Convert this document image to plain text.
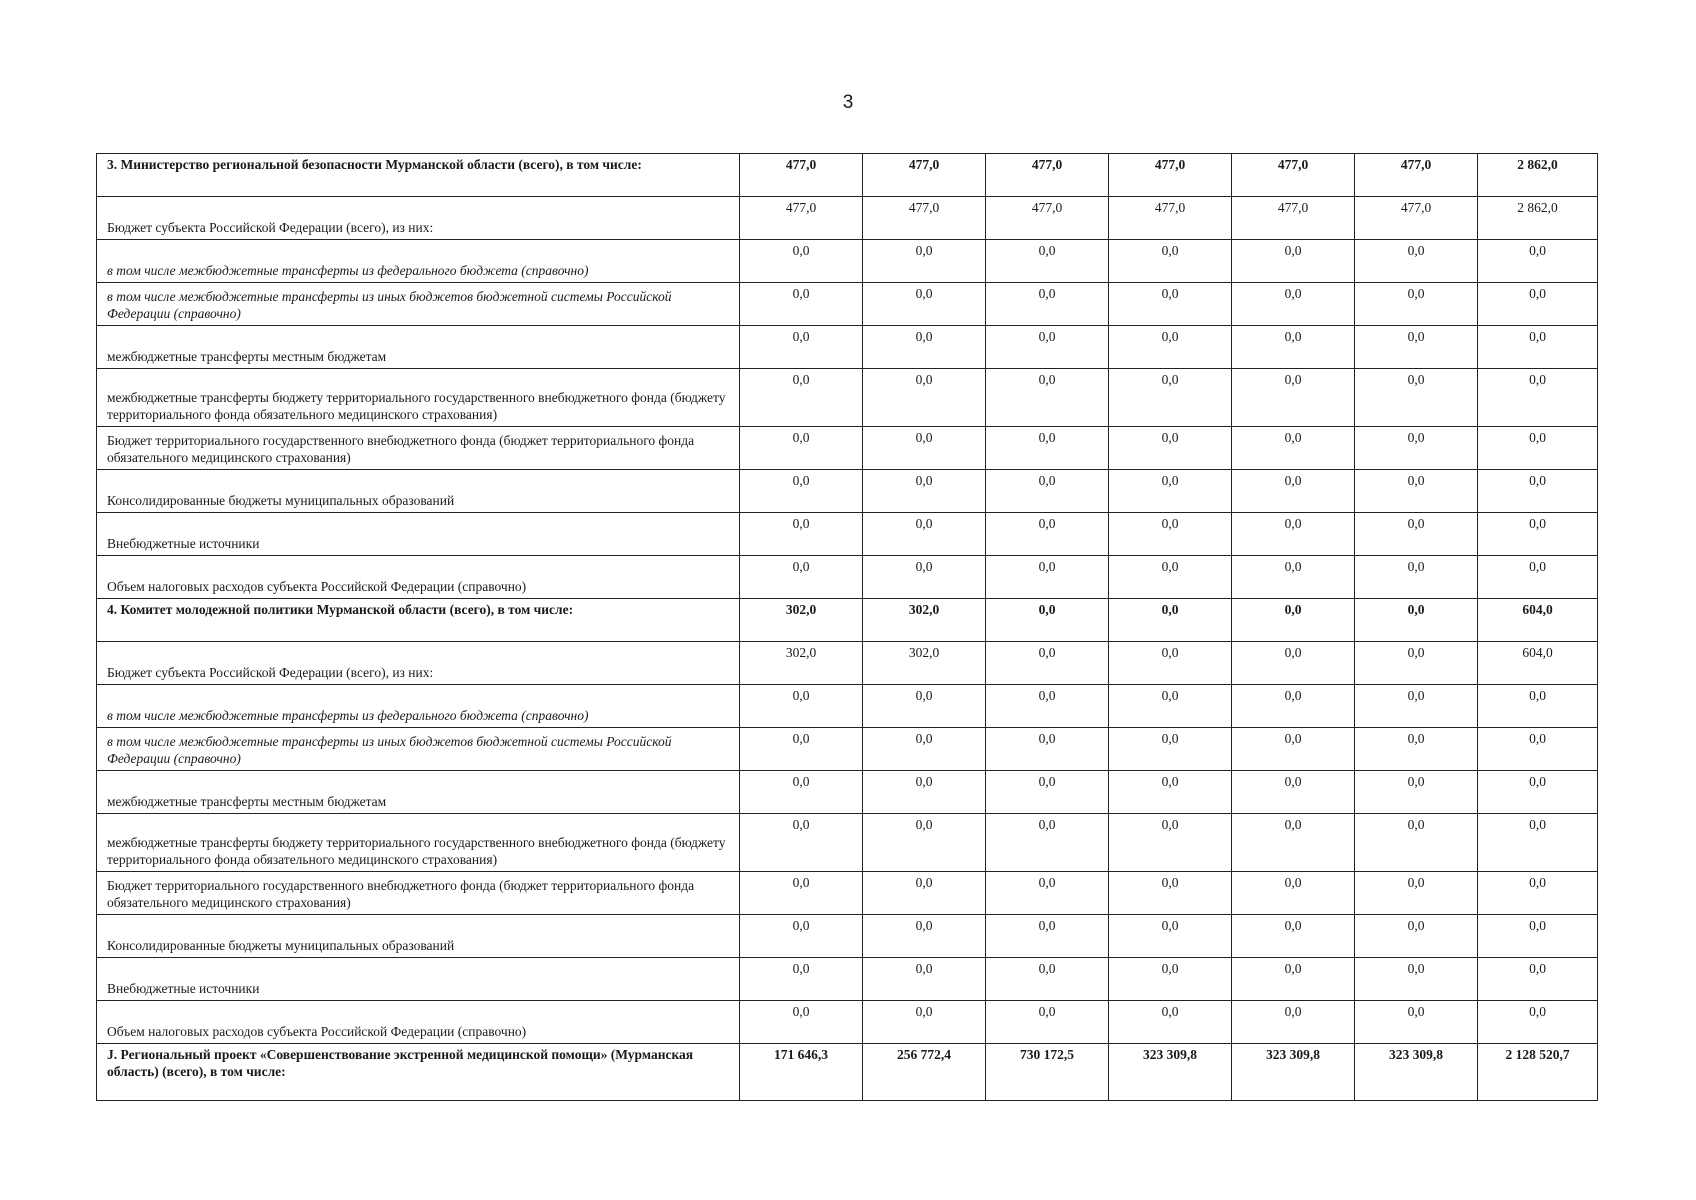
3
3. Министерство региональной безопасности Мурманской области (всего), в том числе:	477,0	477,0	477,0	477,0	477,0	477,0	2 862,0
Бюджет субъекта Российской Федерации (всего), из них:	477,0	477,0	477,0	477,0	477,0	477,0	2 862,0
в том числе межбюджетные трансферты из федерального бюджета (справочно)	0,0	0,0	0,0	0,0	0,0	0,0	0,0
в том числе межбюджетные трансферты из иных бюджетов бюджетной системы Российской Федерации (справочно)	0,0	0,0	0,0	0,0	0,0	0,0	0,0
межбюджетные трансферты местным бюджетам	0,0	0,0	0,0	0,0	0,0	0,0	0,0
межбюджетные трансферты бюджету территориального государственного внебюджетного фонда (бюджету территориального фонда обязательного медицинского страхования)	0,0	0,0	0,0	0,0	0,0	0,0	0,0
Бюджет территориального государственного внебюджетного фонда (бюджет территориального фонда обязательного медицинского страхования)	0,0	0,0	0,0	0,0	0,0	0,0	0,0
Консолидированные бюджеты муниципальных образований	0,0	0,0	0,0	0,0	0,0	0,0	0,0
Внебюджетные источники	0,0	0,0	0,0	0,0	0,0	0,0	0,0
Объем налоговых расходов субъекта Российской Федерации (справочно)	0,0	0,0	0,0	0,0	0,0	0,0	0,0
4. Комитет молодежной политики Мурманской области (всего), в том числе:	302,0	302,0	0,0	0,0	0,0	0,0	604,0
Бюджет субъекта Российской Федерации (всего), из них:	302,0	302,0	0,0	0,0	0,0	0,0	604,0
в том числе межбюджетные трансферты из федерального бюджета (справочно)	0,0	0,0	0,0	0,0	0,0	0,0	0,0
в том числе межбюджетные трансферты из иных бюджетов бюджетной системы Российской Федерации (справочно)	0,0	0,0	0,0	0,0	0,0	0,0	0,0
межбюджетные трансферты местным бюджетам	0,0	0,0	0,0	0,0	0,0	0,0	0,0
межбюджетные трансферты бюджету территориального государственного внебюджетного фонда (бюджету территориального фонда обязательного медицинского страхования)	0,0	0,0	0,0	0,0	0,0	0,0	0,0
Бюджет территориального государственного внебюджетного фонда (бюджет территориального фонда обязательного медицинского страхования)	0,0	0,0	0,0	0,0	0,0	0,0	0,0
Консолидированные бюджеты муниципальных образований	0,0	0,0	0,0	0,0	0,0	0,0	0,0
Внебюджетные источники	0,0	0,0	0,0	0,0	0,0	0,0	0,0
Объем налоговых расходов субъекта Российской Федерации (справочно)	0,0	0,0	0,0	0,0	0,0	0,0	0,0
J. Региональный проект «Совершенствование экстренной медицинской помощи» (Мурманская область) (всего), в том числе:	171 646,3	256 772,4	730 172,5	323 309,8	323 309,8	323 309,8	2 128 520,7
